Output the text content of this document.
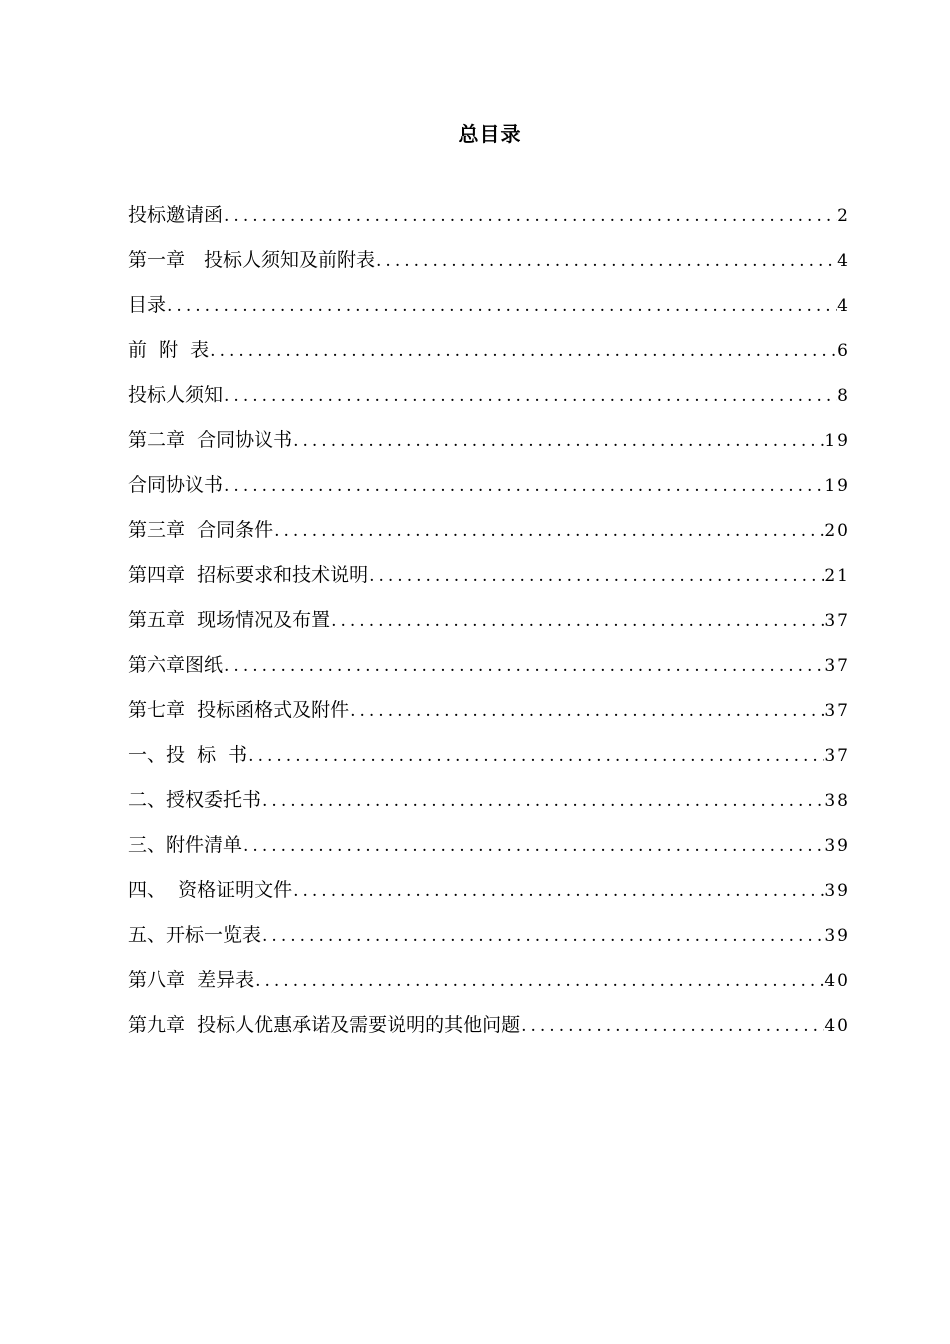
总目录
投标邀请函 .....	2
第一章　投标人须知及前附表 .....	4
目录 .....	4
前  附  表 .....	6
投标人须知 .....	8
第二章  合同协议书 .....	19
合同协议书 .....	19
第三章  合同条件 .....	20
第四章  招标要求和技术说明 .....	21
第五章  现场情况及布置 .....	37
第六章图纸 .....	37
第七章  投标函格式及附件 .....	37
一、投  标  书 .....	37
二、授权委托书 .....	38
三、附件清单 .....	39
四、  资格证明文件 .....	39
五、开标一览表 .....	39
第八章  差异表 .....	40
第九章  投标人优惠承诺及需要说明的其他问题 .....	40
